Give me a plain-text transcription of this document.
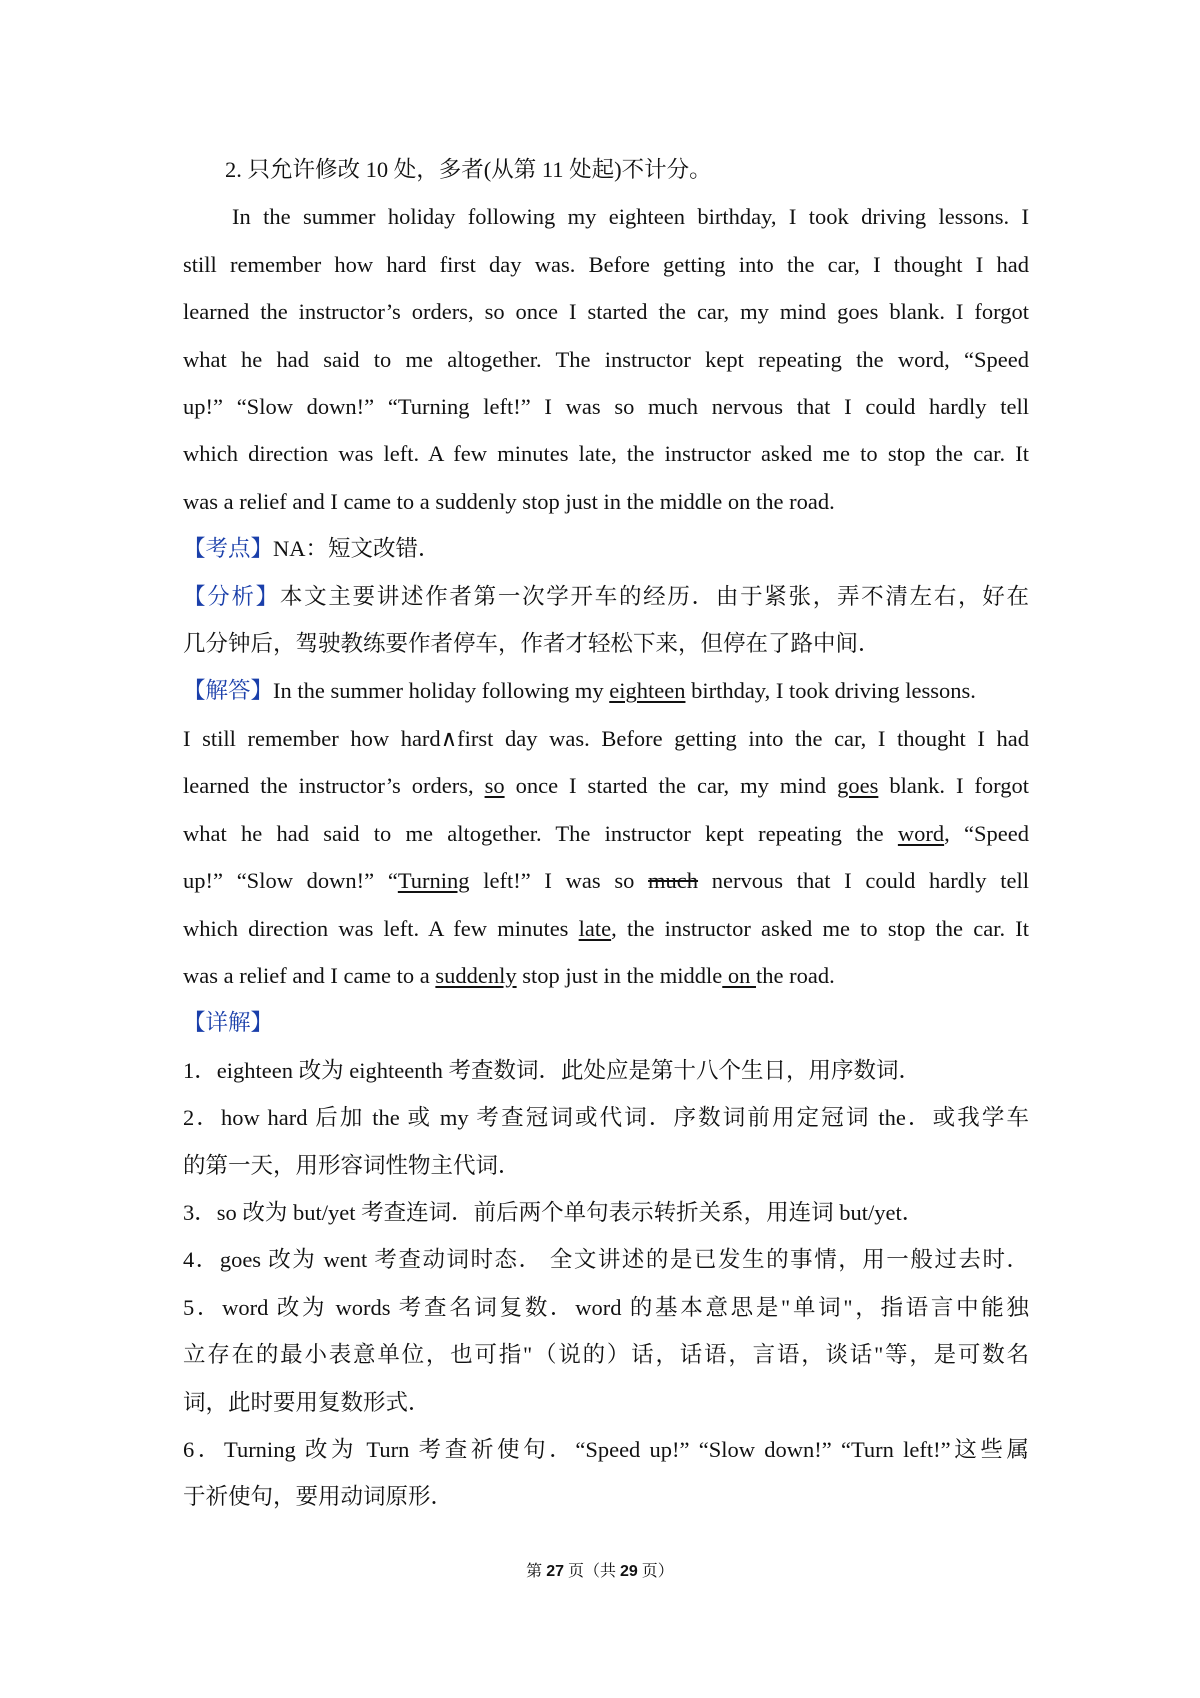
2. 只允许修改 10 处，多者(从第 11 处起)不计分。
In the summer holiday following my eighteen birthday, I took driving lessons. I
still remember how hard first day was. Before getting into the car, I thought I had
learned the instructor’s orders, so once I started the car, my mind goes blank. I forgot
what he had said to me altogether. The instructor kept repeating the word, “Speed
up!” “Slow down!” “Turning left!” I was so much nervous that I could hardly tell
which direction was left. A few minutes late, the instructor asked me to stop the car. It
was a relief and I came to a suddenly stop just in the middle on the road.
【考点】NA：短文改错．
【分析】本文主要讲述作者第一次学开车的经历．由于紧张，弄不清左右，好在
几分钟后，驾驶教练要作者停车，作者才轻松下来，但停在了路中间．
【解答】In the summer holiday following my eighteen birthday, I took driving lessons.
I still remember how hard∧first day was. Before getting into the car, I thought I had
learned the instructor’s orders, so once I started the car, my mind goes blank. I forgot
what he had said to me altogether. The instructor kept repeating the word, “Speed
up!” “Slow down!” “Turning left!” I was so much nervous that I could hardly tell
which direction was left. A few minutes late, the instructor asked me to stop the car. It
was a relief and I came to a suddenly stop just in the middle on the road.
【详解】
1．eighteen 改为 eighteenth 考查数词．此处应是第十八个生日，用序数词．
2．how hard 后加 the 或 my 考查冠词或代词．序数词前用定冠词 the．或我学车
的第一天，用形容词性物主代词．
3．so 改为 but/yet 考查连词．前后两个单句表示转折关系，用连词 but/yet．
4．goes 改为 went 考查动词时态． 全文讲述的是已发生的事情，用一般过去时．
5．word 改为 words 考查名词复数．word 的基本意思是"单词"，指语言中能独
立存在的最小表意单位，也可指"（说的）话，话语，言语，谈话"等，是可数名
词，此时要用复数形式．
6．Turning 改为 Turn 考查祈使句．“Speed up!” “Slow down!” “Turn left!”这些属
于祈使句，要用动词原形．
第 27 页（共 29 页）
